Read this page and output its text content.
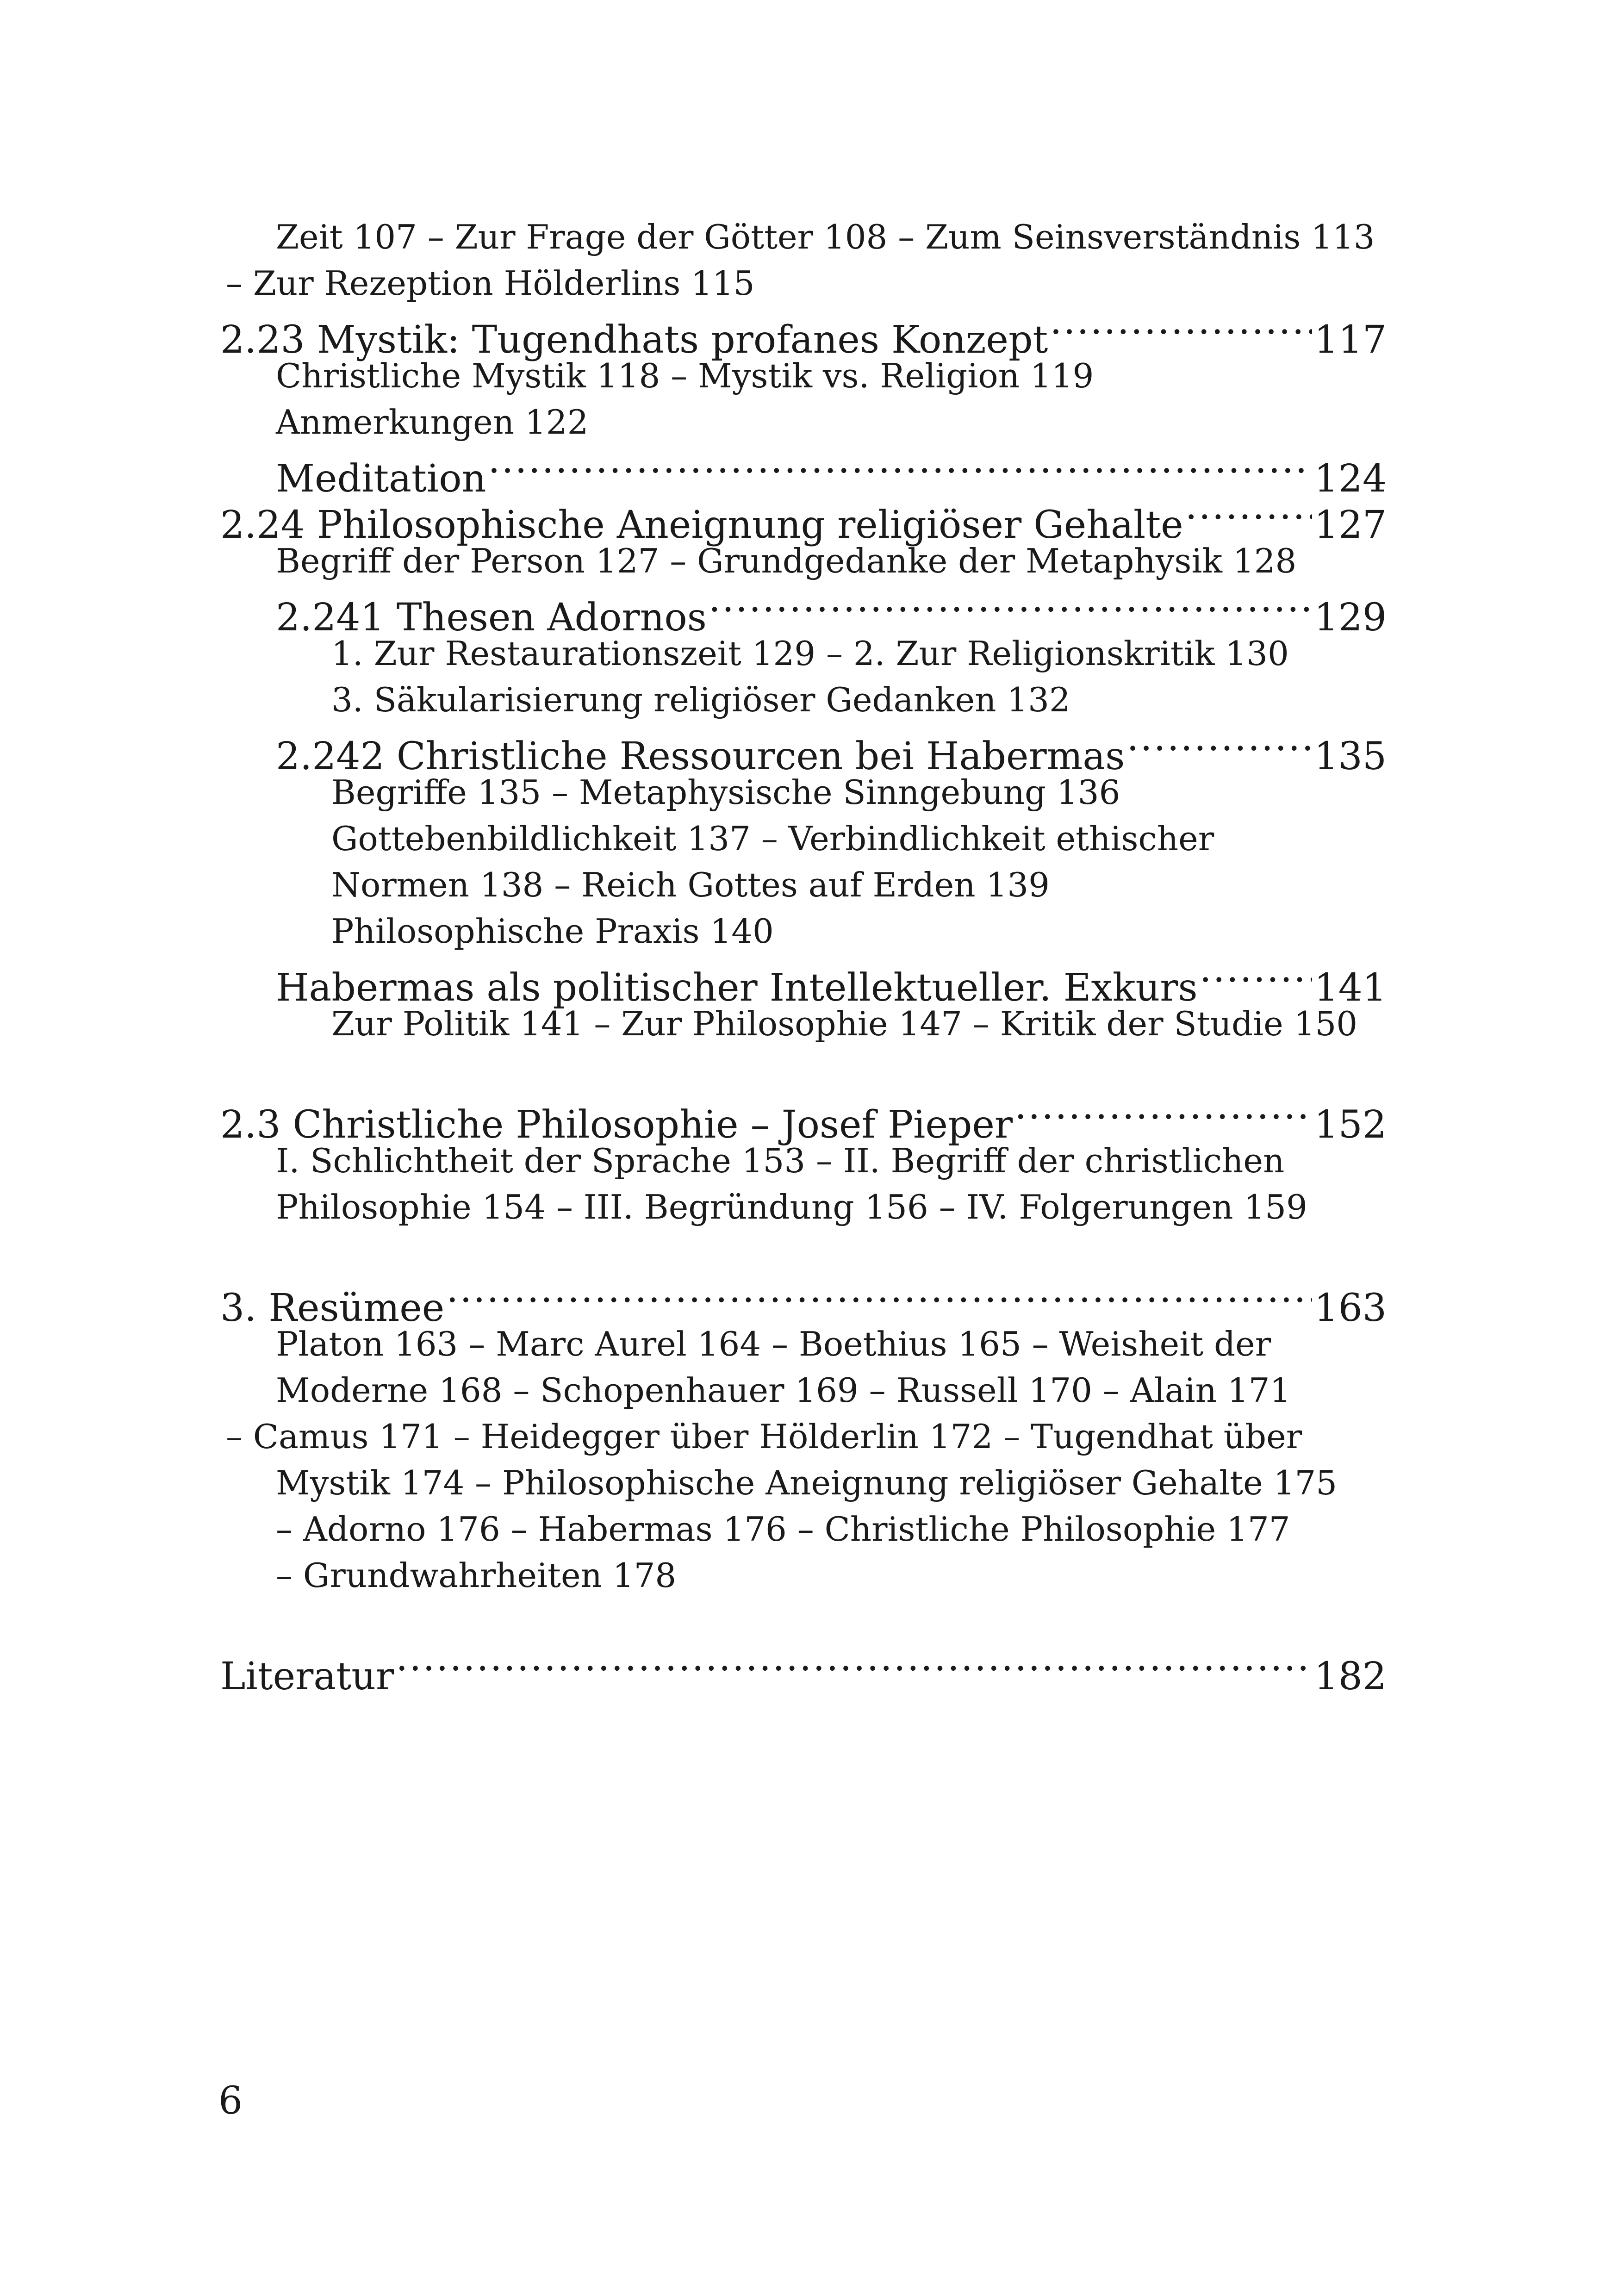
Zeit 107 – Zur Frage der Götter 108 – Zum Seinsverständnis 113
– Zur Rezeption Hölderlins 115
2.23 Mystik: Tugendhats profanes Konzept .....	117
Christliche Mystik 118 – Mystik vs. Religion 119
Anmerkungen 122
Meditation .....	124
2.24 Philosophische Aneignung religiöser Gehalte .....	127
Begriff der Person 127 – Grundgedanke der Metaphysik 128
2.241 Thesen Adornos .....	129
1. Zur Restaurationszeit 129 – 2. Zur Religionskritik 130
3. Säkularisierung religiöser Gedanken 132
2.242 Christliche Ressourcen bei Habermas .....	135
Begriffe 135 – Metaphysische Sinngebung 136
Gottebenbildlichkeit 137 – Verbindlichkeit ethischer
Normen 138 – Reich Gottes auf Erden 139
Philosophische Praxis 140
Habermas als politischer Intellektueller. Exkurs .....	141
Zur Politik 141 – Zur Philosophie 147 – Kritik der Studie 150
2.3 Christliche Philosophie – Josef Pieper .....	152
I. Schlichtheit der Sprache 153 – II. Begriff der christlichen
Philosophie 154 – III. Begründung 156 – IV. Folgerungen 159
3. Resümee .....	163
Platon 163 – Marc Aurel 164 – Boethius 165 – Weisheit der
Moderne 168 – Schopenhauer 169 – Russell 170 – Alain 171
– Camus 171 – Heidegger über Hölderlin 172 – Tugendhat über
Mystik 174 – Philosophische Aneignung religiöser Gehalte 175
– Adorno 176 – Habermas 176 – Christliche Philosophie 177
– Grundwahrheiten 178
Literatur .....	182
6
